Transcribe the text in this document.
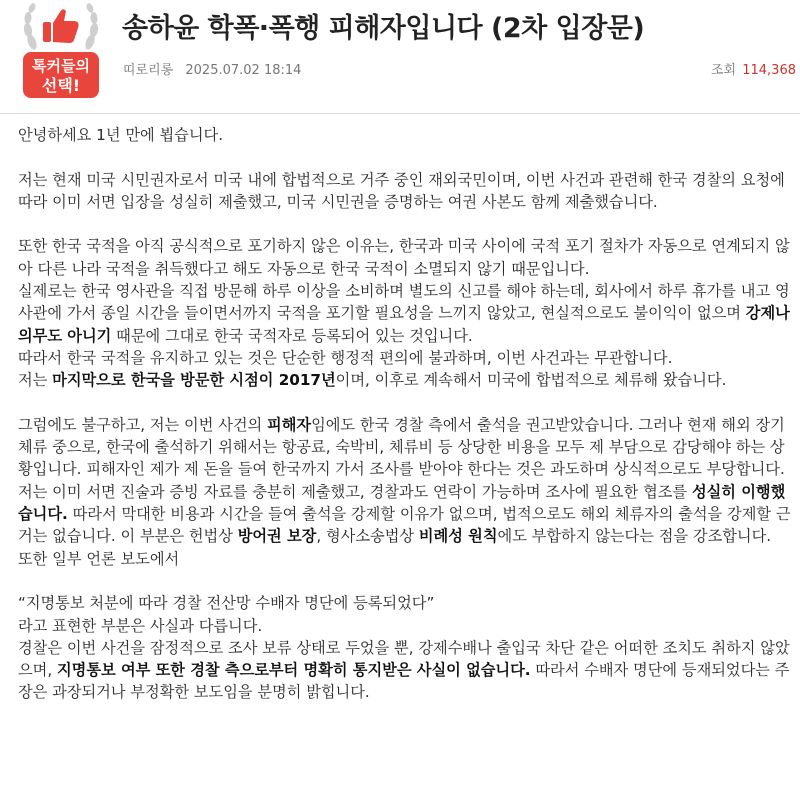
톡커들의
선택!
송하윤 학폭·폭행 피해자입니다 (2차 입장문)
띠로리롱 2025.07.02 18:14	조회 114,368

안녕하세요 1년 만에 뵙습니다.

저는 현재 미국 시민권자로서 미국 내에 합법적으로 거주 중인 재외국민이며, 이번 사건과 관련해 한국 경찰의 요청에 따라 이미 서면 입장을 성실히 제출했고, 미국 시민권을 증명하는 여권 사본도 함께 제출했습니다.

또한 한국 국적을 아직 공식적으로 포기하지 않은 이유는, 한국과 미국 사이에 국적 포기 절차가 자동으로 연계되지 않아 다른 나라 국적을 취득했다고 해도 자동으로 한국 국적이 소멸되지 않기 때문입니다.

실제로는 한국 영사관을 직접 방문해 하루 이상을 소비하며 별도의 신고를 해야 하는데, 회사에서 하루 휴가를 내고 영사관에 가서 종일 시간을 들이면서까지 국적을 포기할 필요성을 느끼지 않았고, 현실적으로도 불이익이 없으며 강제나 의무도 아니기 때문에 그대로 한국 국적자로 등록되어 있는 것입니다.

따라서 한국 국적을 유지하고 있는 것은 단순한 행정적 편의에 불과하며, 이번 사건과는 무관합니다.

저는 마지막으로 한국을 방문한 시점이 2017년이며, 이후로 계속해서 미국에 합법적으로 체류해 왔습니다.

그럼에도 불구하고, 저는 이번 사건의 피해자임에도 한국 경찰 측에서 출석을 권고받았습니다. 그러나 현재 해외 장기 체류 중으로, 한국에 출석하기 위해서는 항공료, 숙박비, 체류비 등 상당한 비용을 모두 제 부담으로 감당해야 하는 상황입니다. 피해자인 제가 제 돈을 들여 한국까지 가서 조사를 받아야 한다는 것은 과도하며 상식적으로도 부당합니다.

저는 이미 서면 진술과 증빙 자료를 충분히 제출했고, 경찰과도 연락이 가능하며 조사에 필요한 협조를 성실히 이행했습니다. 따라서 막대한 비용과 시간을 들여 출석을 강제할 이유가 없으며, 법적으로도 해외 체류자의 출석을 강제할 근거는 없습니다. 이 부분은 헌법상 방어권 보장, 형사소송법상 비례성 원칙에도 부합하지 않는다는 점을 강조합니다.

또한 일부 언론 보도에서

“지명통보 처분에 따라 경찰 전산망 수배자 명단에 등록되었다”

라고 표현한 부분은 사실과 다릅니다.

경찰은 이번 사건을 잠정적으로 조사 보류 상태로 두었을 뿐, 강제수배나 출입국 차단 같은 어떠한 조치도 취하지 않았으며, 지명통보 여부 또한 경찰 측으로부터 명확히 통지받은 사실이 없습니다. 따라서 수배자 명단에 등재되었다는 주장은 과장되거나 부정확한 보도임을 분명히 밝힙니다.
